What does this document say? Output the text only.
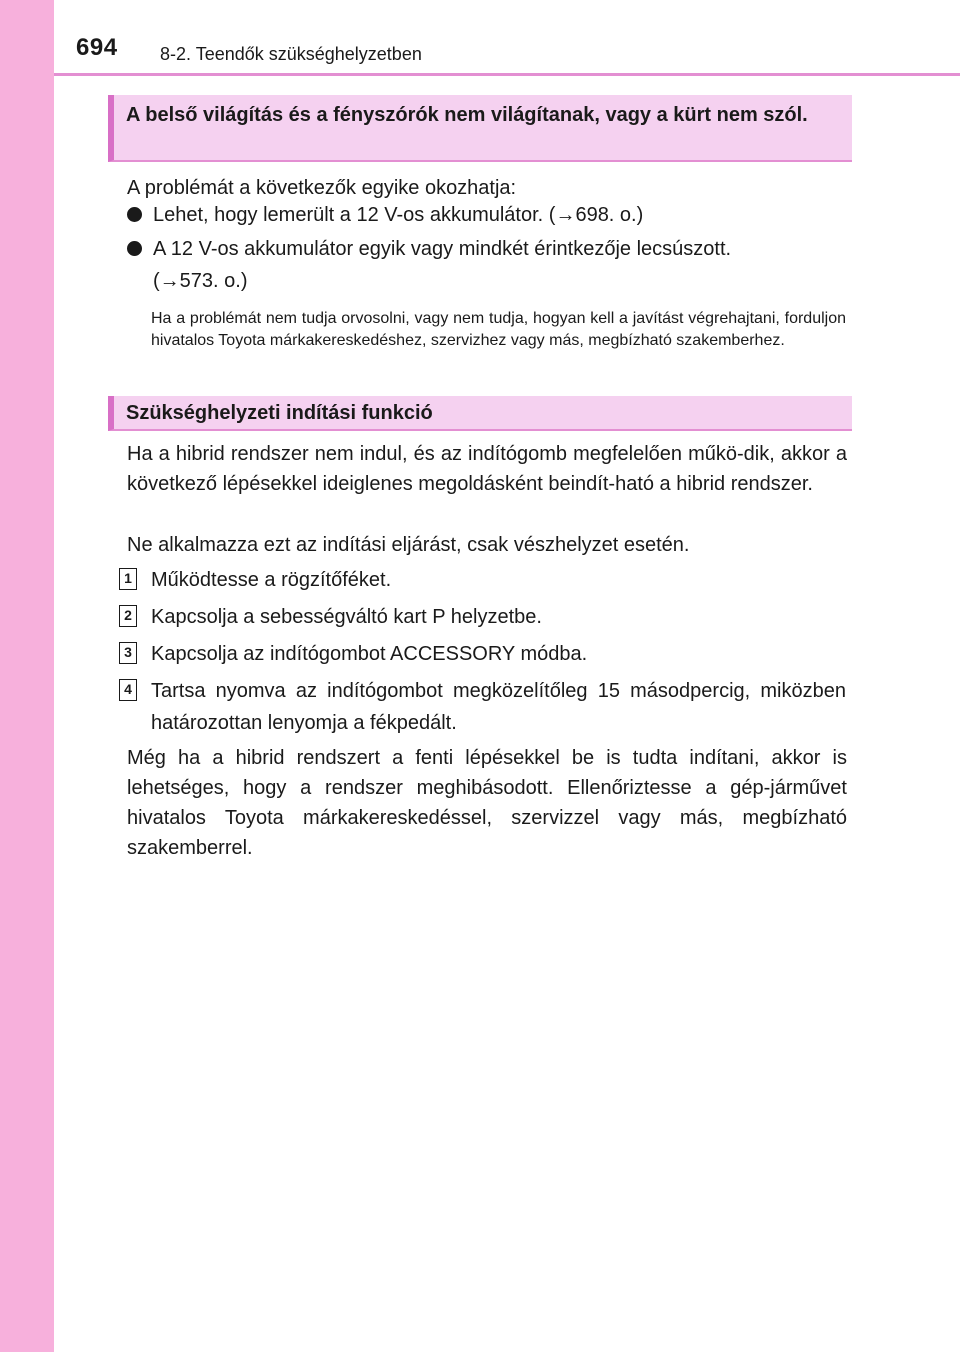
694 8-2. Teendők szükséghelyzetben
A belső világítás és a fényszórók nem világítanak, vagy a kürt nem szól.
A problémát a következők egyike okozhatja:
Lehet, hogy lemerült a 12 V-os akkumulátor. (→698. o.)
A 12 V-os akkumulátor egyik vagy mindkét érintkezője lecsúszott.
(→573. o.)
Ha a problémát nem tudja orvosolni, vagy nem tudja, hogyan kell a javítást végrehajtani, forduljon hivatalos Toyota márkakereskedéshez, szervizhez vagy más, megbízható szakemberhez.
Szükséghelyzeti indítási funkció
Ha a hibrid rendszer nem indul, és az indítógomb megfelelően műkö-dik, akkor a következő lépésekkel ideiglenes megoldásként beindít-ható a hibrid rendszer.
Ne alkalmazza ezt az indítási eljárást, csak vészhelyzet esetén.
1 Működtesse a rögzítőféket.
2 Kapcsolja a sebességváltó kart P helyzetbe.
3 Kapcsolja az indítógombot ACCESSORY módba.
4 Tartsa nyomva az indítógombot megközelítőleg 15 másodpercig, miközben határozottan lenyomja a fékpedált.
Még ha a hibrid rendszert a fenti lépésekkel be is tudta indítani, akkor is lehetséges, hogy a rendszer meghibásodott. Ellenőriztesse a gép-járművet hivatalos Toyota márkakereskedéssel, szervizzel vagy más, megbízható szakemberrel.
